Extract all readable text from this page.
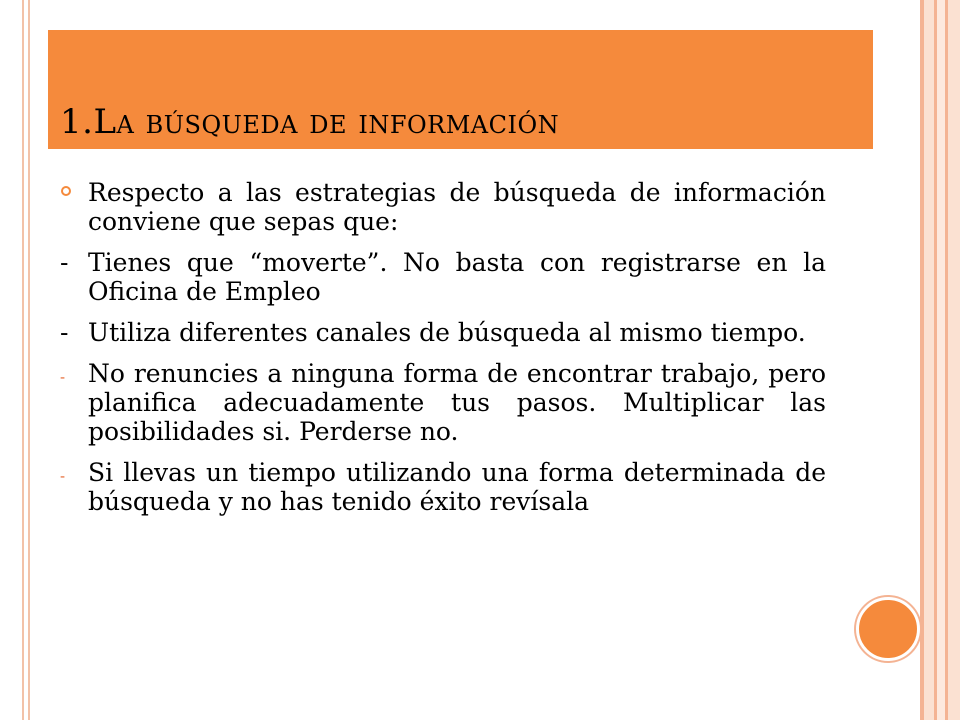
1.La búsqueda de información
Respecto a las estrategias de búsqueda de información conviene que sepas que:
- Tienes que “moverte”. No basta con registrarse en la Oficina de Empleo
- Utiliza diferentes canales de búsqueda al mismo tiempo.
- No renuncies a ninguna forma de encontrar trabajo, pero planifica adecuadamente tus pasos. Multiplicar las posibilidades si. Perderse no.
- Si llevas un tiempo utilizando una forma determinada de búsqueda y no has tenido éxito revísala
